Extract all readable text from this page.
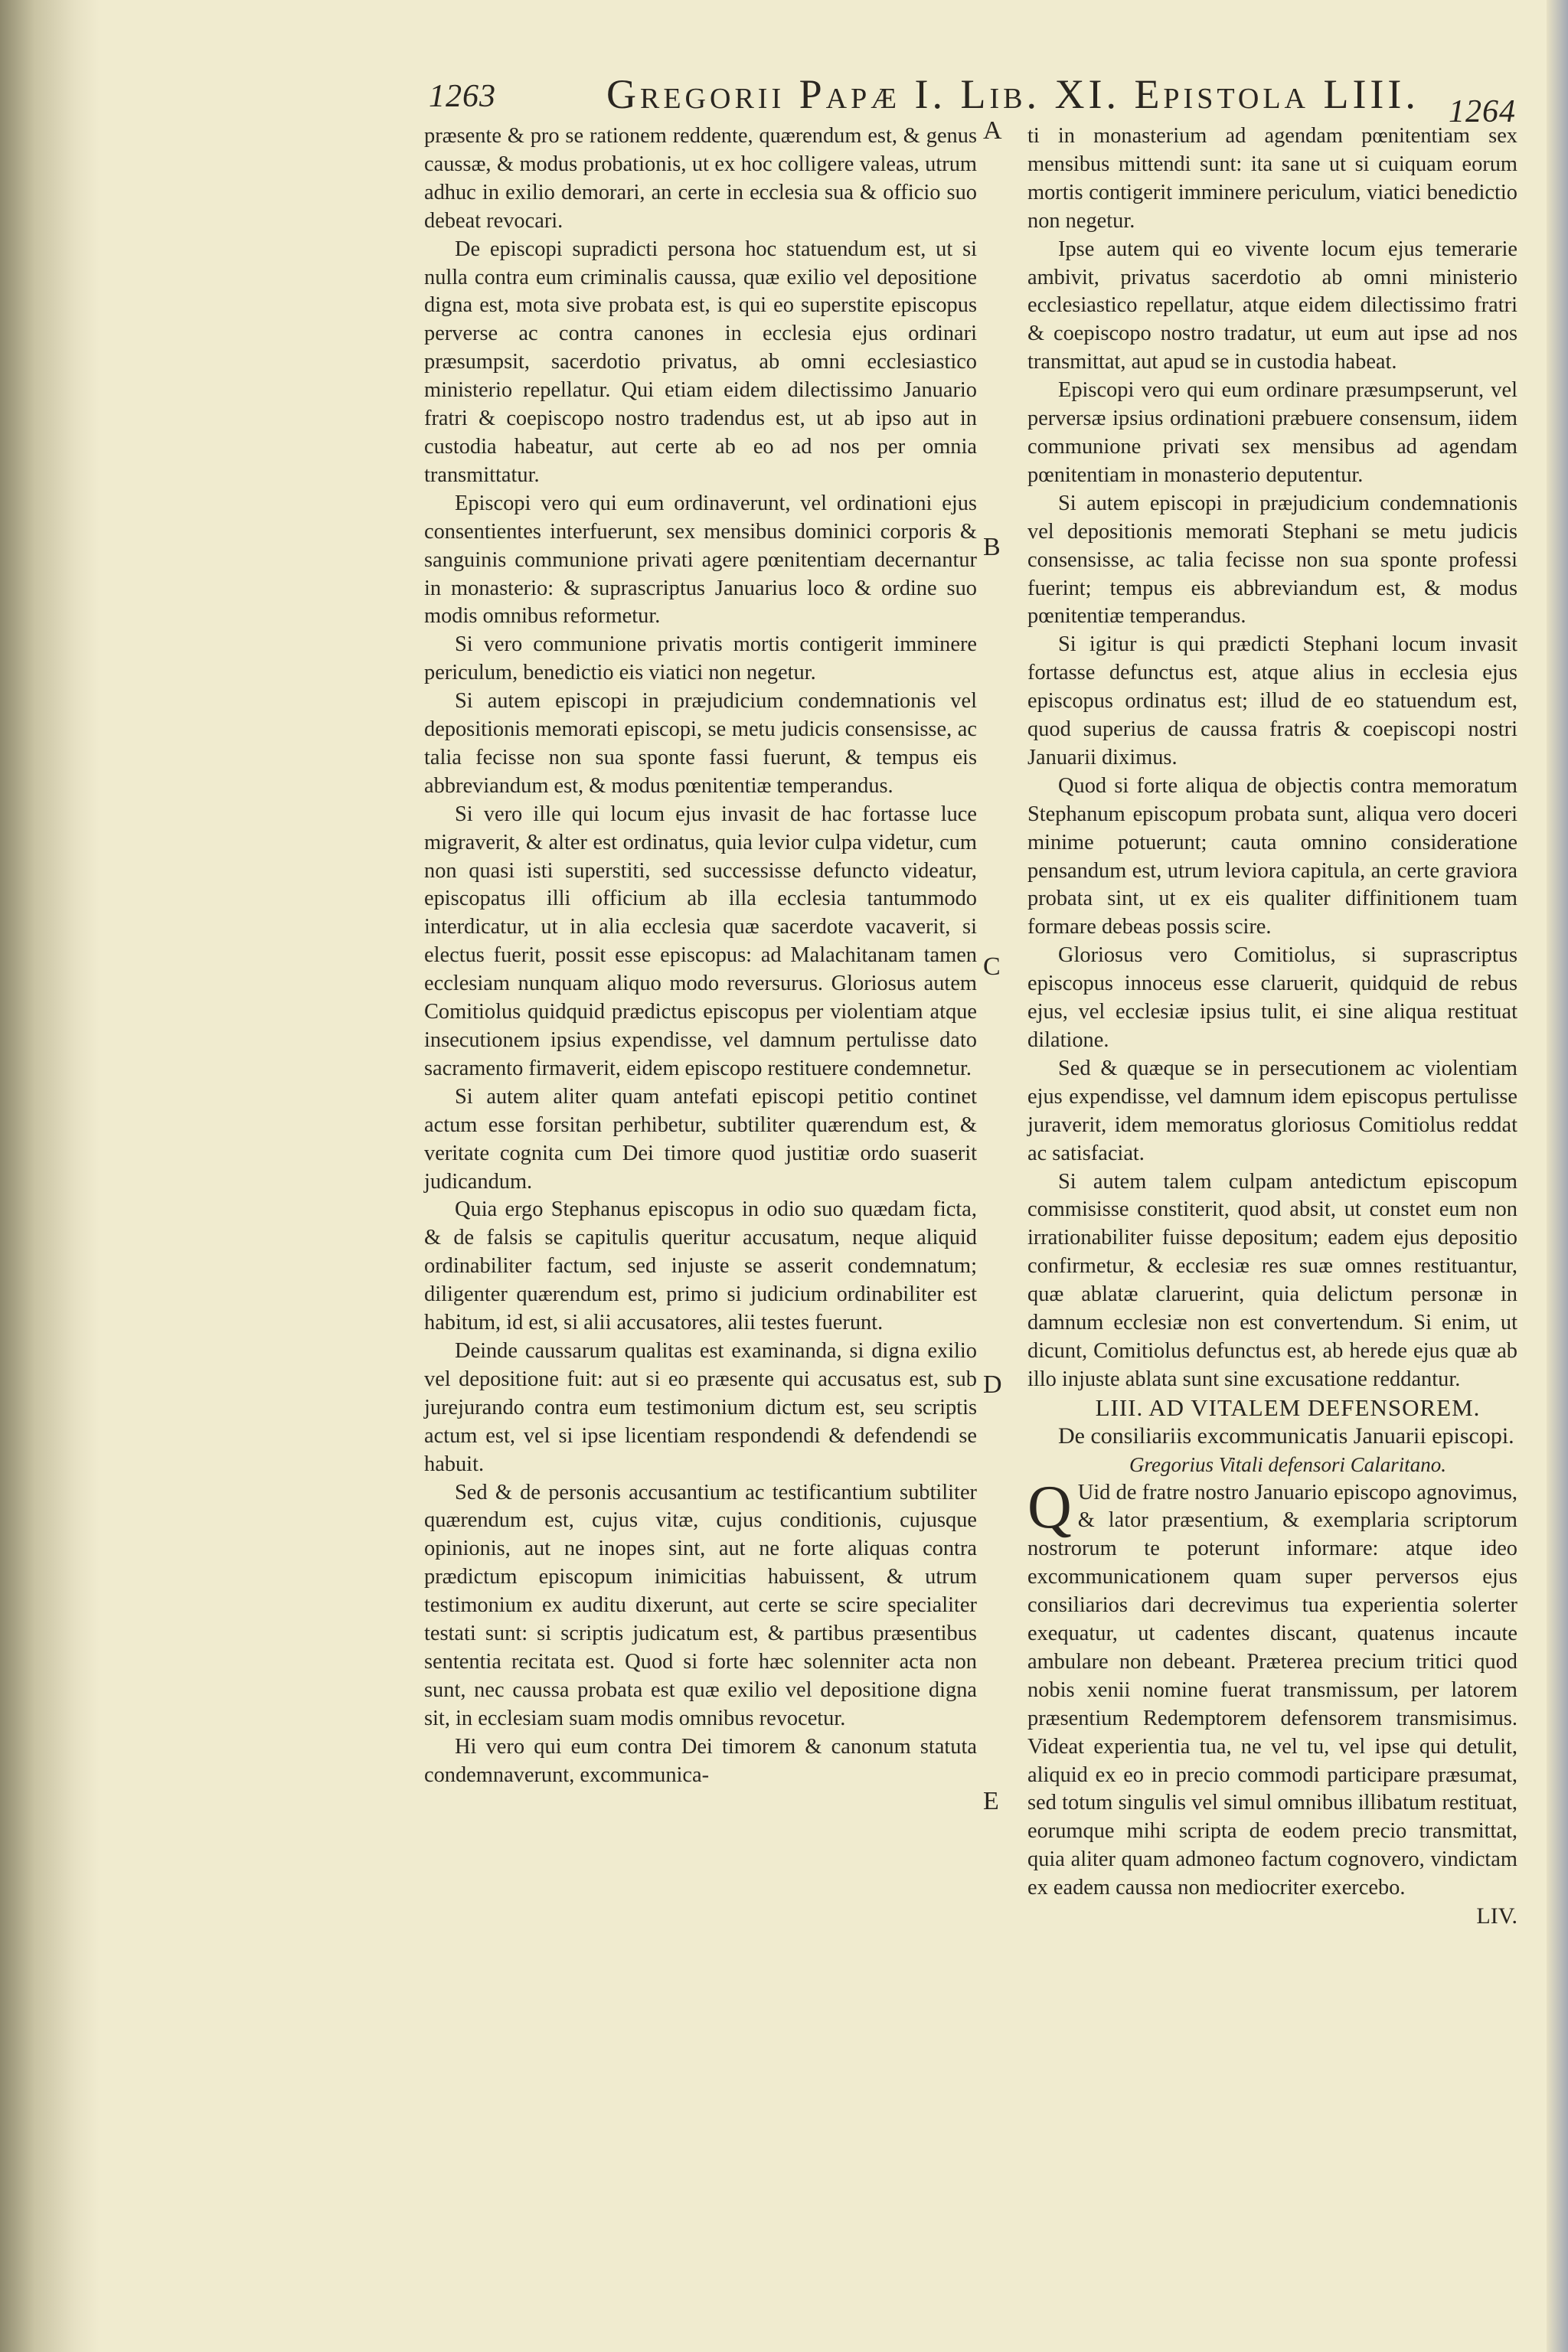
1263	Gregorii Papæ I. Lib. XI. Epistola LIII. 1264
A
B
C
D
E

præsente & pro se rationem reddente, quærendum est, & genus caussæ, & modus probationis, ut ex hoc colligere valeas, utrum adhuc in exilio demorari, an certe in ecclesia sua & officio suo debeat revocari.

De episcopi supradicti persona hoc statuendum est, ut si nulla contra eum criminalis caussa, quæ exilio vel depositione digna est, mota sive probata est, is qui eo superstite episcopus perverse ac contra canones in ecclesia ejus ordinari præsumpsit, sacerdotio privatus, ab omni ecclesiastico ministerio repellatur. Qui etiam eidem dilectissimo Januario fratri & coepiscopo nostro tradendus est, ut ab ipso aut in custodia habeatur, aut certe ab eo ad nos per omnia transmittatur.

Episcopi vero qui eum ordinaverunt, vel ordinationi ejus consentientes interfuerunt, sex mensibus dominici corporis & sanguinis communione privati agere pœnitentiam decernantur in monasterio: & suprascriptus Januarius loco & ordine suo modis omnibus reformetur.

Si vero communione privatis mortis contigerit imminere periculum, benedictio eis viatici non negetur.

Si autem episcopi in præjudicium condemnationis vel depositionis memorati episcopi, se metu judicis consensisse, ac talia fecisse non sua sponte fassi fuerunt, & tempus eis abbreviandum est, & modus pœnitentiæ temperandus.

Si vero ille qui locum ejus invasit de hac fortasse luce migraverit, & alter est ordinatus, quia levior culpa videtur, cum non quasi isti superstiti, sed successisse defuncto videatur, episcopatus illi officium ab illa ecclesia tantummodo interdicatur, ut in alia ecclesia quæ sacerdote vacaverit, si electus fuerit, possit esse episcopus: ad Malachitanam tamen ecclesiam nunquam aliquo modo reversurus. Gloriosus autem Comitiolus quidquid prædictus episcopus per violentiam atque insecutionem ipsius expendisse, vel damnum pertulisse dato sacramento firmaverit, eidem episcopo restituere condemnetur.

Si autem aliter quam antefati episcopi petitio continet actum esse forsitan perhibetur, subtiliter quærendum est, & veritate cognita cum Dei timore quod justitiæ ordo suaserit judicandum.

Quia ergo Stephanus episcopus in odio suo quædam ficta, & de falsis se capitulis queritur accusatum, neque aliquid ordinabiliter factum, sed injuste se asserit condemnatum; diligenter quærendum est, primo si judicium ordinabiliter est habitum, id est, si alii accusatores, alii testes fuerunt.

Deinde caussarum qualitas est examinanda, si digna exilio vel depositione fuit: aut si eo præsente qui accusatus est, sub jurejurando contra eum testimonium dictum est, seu scriptis actum est, vel si ipse licentiam respondendi & defendendi se habuit.

Sed & de personis accusantium ac testificantium subtiliter quærendum est, cujus vitæ, cujus conditionis, cujusque opinionis, aut ne inopes sint, aut ne forte aliquas contra prædictum episcopum inimicitias habuissent, & utrum testimonium ex auditu dixerunt, aut certe se scire specialiter testati sunt: si scriptis judicatum est, & partibus præsentibus sententia recitata est. Quod si forte hæc solenniter acta non sunt, nec caussa probata est quæ exilio vel depositione digna sit, in ecclesiam suam modis omnibus revocetur.

Hi vero qui eum contra Dei timorem & canonum statuta condemnaverunt, excommunica-

ti in monasterium ad agendam pœnitentiam sex mensibus mittendi sunt: ita sane ut si cuiquam eorum mortis contigerit imminere periculum, viatici benedictio non negetur.

Ipse autem qui eo vivente locum ejus temerarie ambivit, privatus sacerdotio ab omni ministerio ecclesiastico repellatur, atque eidem dilectissimo fratri & coepiscopo nostro tradatur, ut eum aut ipse ad nos transmittat, aut apud se in custodia habeat.

Episcopi vero qui eum ordinare præsumpserunt, vel perversæ ipsius ordinationi præbuere consensum, iidem communione privati sex mensibus ad agendam pœnitentiam in monasterio deputentur.

Si autem episcopi in præjudicium condemnationis vel depositionis memorati Stephani se metu judicis consensisse, ac talia fecisse non sua sponte professi fuerint; tempus eis abbreviandum est, & modus pœnitentiæ temperandus.

Si igitur is qui prædicti Stephani locum invasit fortasse defunctus est, atque alius in ecclesia ejus episcopus ordinatus est; illud de eo statuendum est, quod superius de caussa fratris & coepiscopi nostri Januarii diximus.

Quod si forte aliqua de objectis contra memoratum Stephanum episcopum probata sunt, aliqua vero doceri minime potuerunt; cauta omnino consideratione pensandum est, utrum leviora capitula, an certe graviora probata sint, ut ex eis qualiter diffinitionem tuam formare debeas possis scire.

Gloriosus vero Comitiolus, si suprascriptus episcopus innoceus esse claruerit, quidquid de rebus ejus, vel ecclesiæ ipsius tulit, ei sine aliqua restituat dilatione.

Sed & quæque se in persecutionem ac violentiam ejus expendisse, vel damnum idem episcopus pertulisse juraverit, idem memoratus gloriosus Comitiolus reddat ac satisfaciat.

Si autem talem culpam antedictum episcopum commisisse constiterit, quod absit, ut constet eum non irrationabiliter fuisse depositum; eadem ejus depositio confirmetur, & ecclesiæ res suæ omnes restituantur, quæ ablatæ claruerint, quia delictum personæ in damnum ecclesiæ non est convertendum. Si enim, ut dicunt, Comitiolus defunctus est, ab herede ejus quæ ab illo injuste ablata sunt sine excusatione reddantur.

LIII. AD VITALEM DEFENSOREM.

De consiliariis excommunicatis Januarii episcopi.

Gregorius Vitali defensori Calaritano.

Q Uid de fratre nostro Januario episcopo agnovimus, & lator præsentium, & exemplaria scriptorum nostrorum te poterunt informare: atque ideo excommunicationem quam super perversos ejus consiliarios dari decrevimus tua experientia solerter exequatur, ut cadentes discant, quatenus incaute ambulare non debeant. Præterea precium tritici quod nobis xenii nomine fuerat transmissum, per latorem præsentium Redemptorem defensorem transmisimus. Videat experientia tua, ne vel tu, vel ipse qui detulit, aliquid ex eo in precio commodi participare præsumat, sed totum singulis vel simul omnibus illibatum restituat, eorumque mihi scripta de eodem precio transmittat, quia aliter quam admoneo factum cognovero, vindictam ex eadem caussa non mediocriter exercebo.

LIV.
